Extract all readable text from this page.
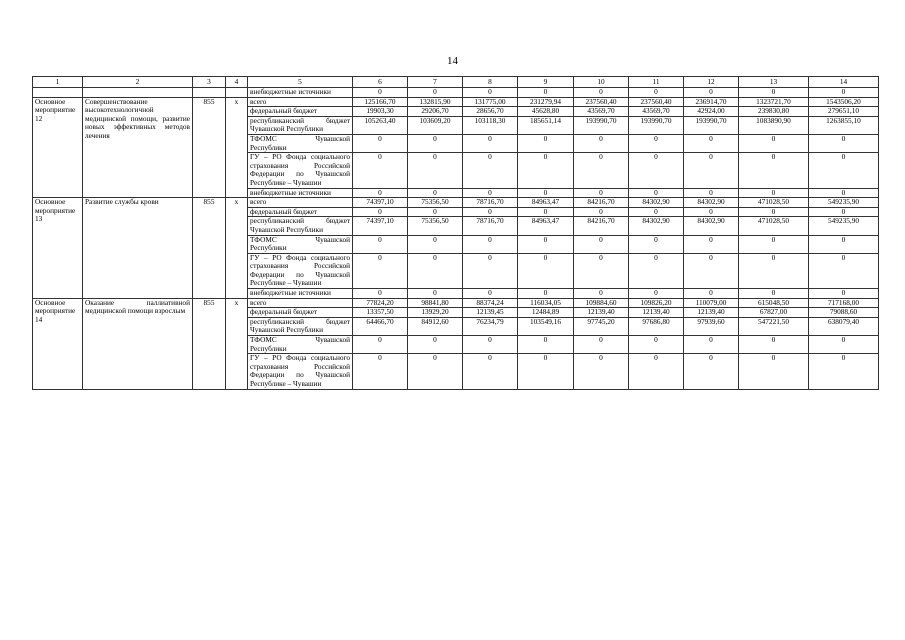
14
1	2	3	4	5	6	7	8	9	10	11	12	13	14
				внебюджетные источники	0	0	0	0	0	0	0	0	0
Основное мероприятие 12	Совершенствование высокотехнологичной медицинской помощи, развитие новых эффективных методов лечения	855	x	всего	125166,70	132815,90	131775,00	231279,94	237560,40	237560,40	236914,70	1323721,70	1543506,20
				федеральный бюджет	19903,30	29206,70	28656,70	45628,80	43569,70	43569,70	42924,00	239830,80	279651,10
				республиканский бюджет Чувашской Республики	105263,40	103609,20	103118,30	185651,14	193990,70	193990,70	193990,70	1083890,90	1263855,10
				ТФОМС Чувашской Республики	0	0	0	0	0	0	0	0	0
				ГУ – РО Фонда социального страхования Российской Федерации по Чувашской Республике – Чувашии	0	0	0	0	0	0	0	0	0
				внебюджетные источники	0	0	0	0	0	0	0	0	0
Основное мероприятие 13	Развитие службы крови	855	x	всего	74397,10	75356,50	78716,70	84963,47	84216,70	84302,90	84302,90	471028,50	549235,90
				федеральный бюджет	0	0	0	0	0	0	0	0	0
				республиканский бюджет Чувашской Республики	74397,10	75356,50	78716,70	84963,47	84216,70	84302,90	84302,90	471028,50	549235,90
				ТФОМС Чувашской Республики	0	0	0	0	0	0	0	0	0
				ГУ – РО Фонда социального страхования Российской Федерации по Чувашской Республике – Чувашии	0	0	0	0	0	0	0	0	0
				внебюджетные источники	0	0	0	0	0	0	0	0	0
Основное мероприятие 14	Оказание паллиативной медицинской помощи взрослым	855	x	всего	77824,20	98841,80	88374,24	116034,05	109884,60	109826,20	110079,00	615048,50	717168,00
				федеральный бюджет	13357,50	13929,20	12139,45	12484,89	12139,40	12139,40	12139,40	67827,00	79088,60
				республиканский бюджет Чувашской Республики	64466,70	84912,60	76234,79	103549,16	97745,20	97686,80	97939,60	547221,50	638079,40
				ТФОМС Чувашской Республики	0	0	0	0	0	0	0	0	0
				ГУ – РО Фонда социального страхования Российской Федерации по Чувашской Республике – Чувашии	0	0	0	0	0	0	0	0	0
